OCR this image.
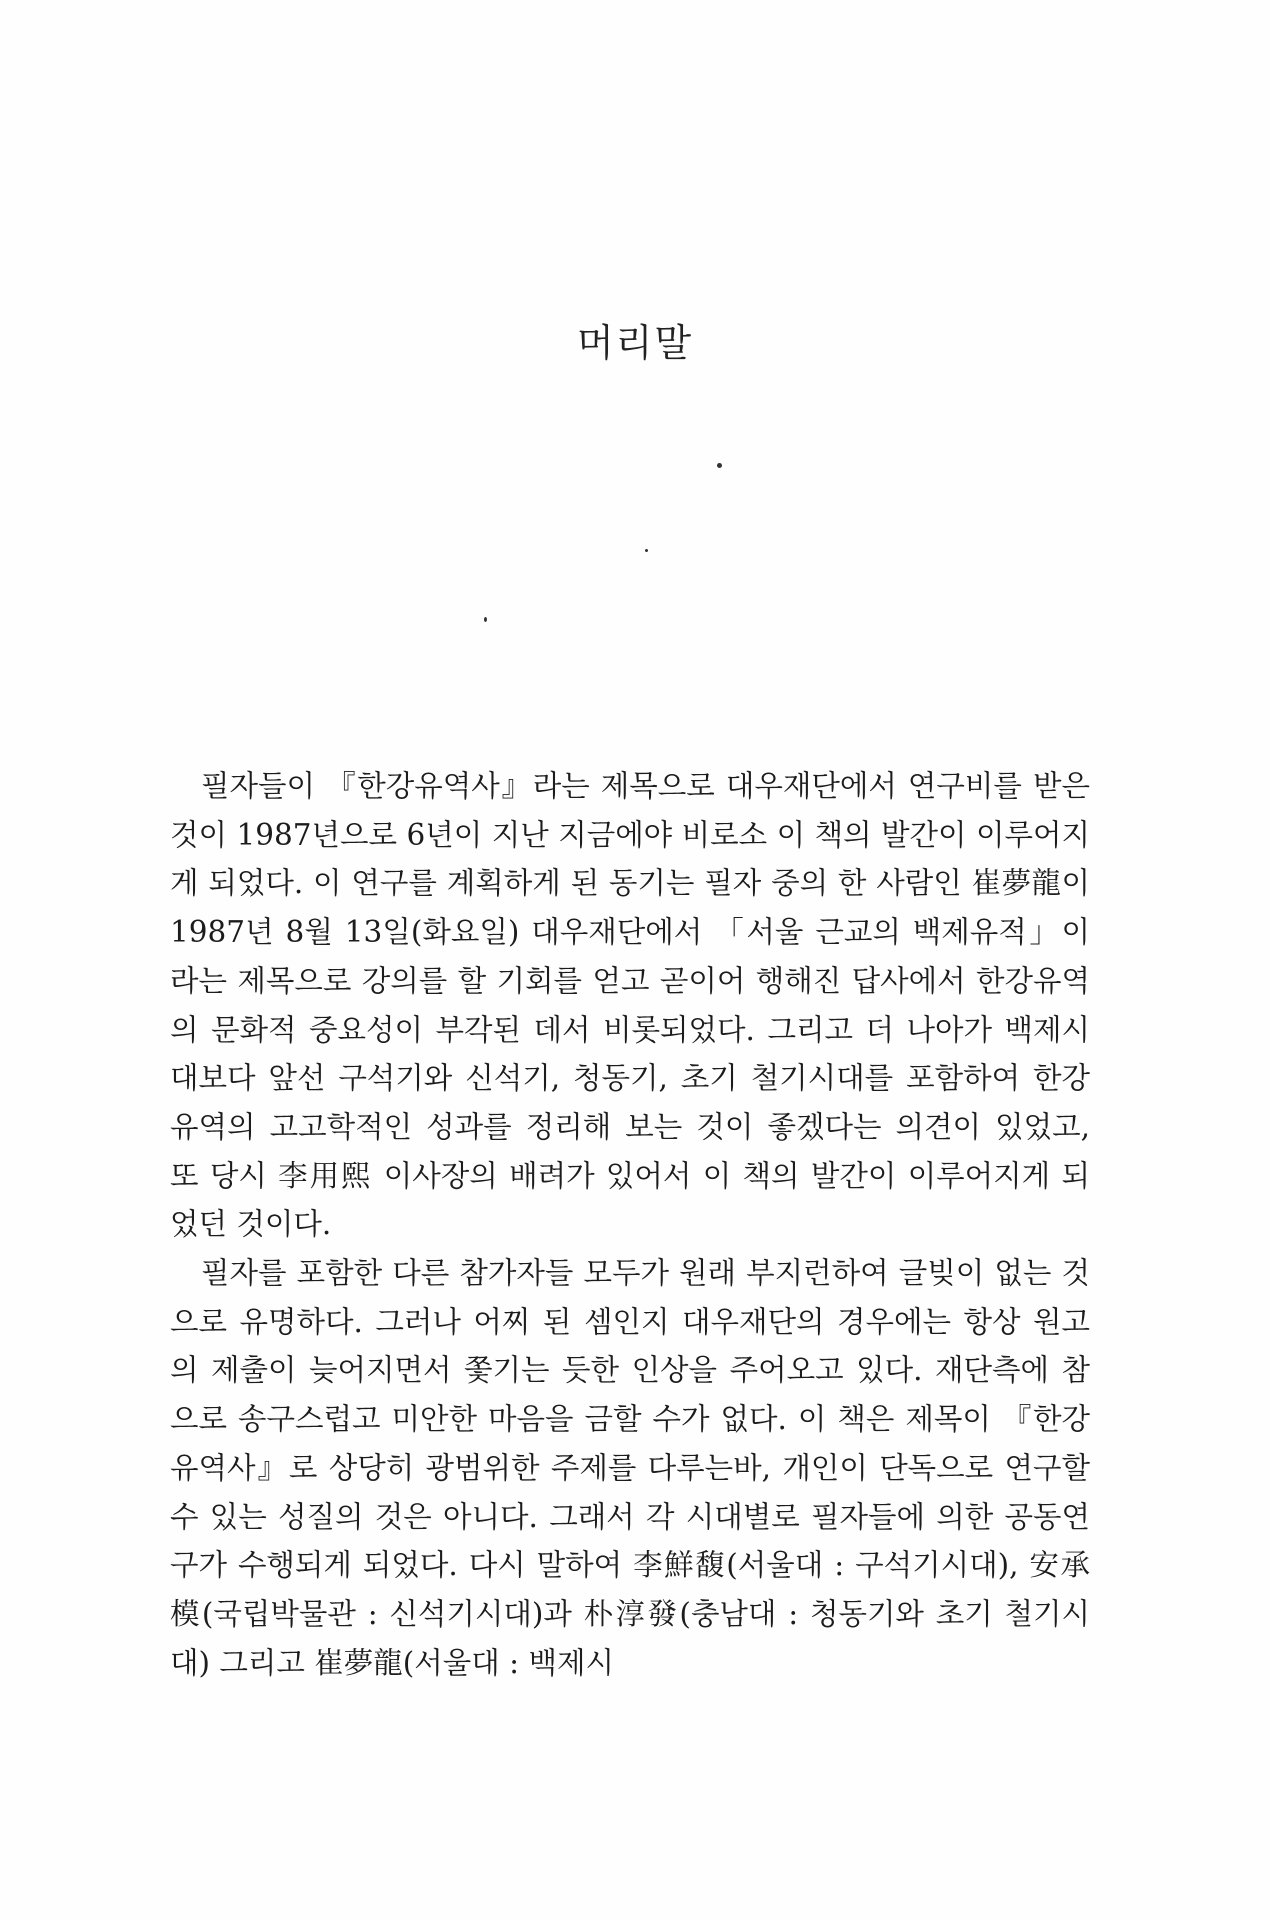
머리말

필자들이 『한강유역사』라는 제목으로 대우재단에서 연구비를 받은 것이 1987년으로 6년이 지난 지금에야 비로소 이 책의 발간이 이루어지게 되었다. 이 연구를 계획하게 된 동기는 필자 중의 한 사람인 崔夢龍이 1987년 8월 13일(화요일) 대우재단에서 「서울 근교의 백제유적」이라는 제목으로 강의를 할 기회를 얻고 곧이어 행해진 답사에서 한강유역의 문화적 중요성이 부각된 데서 비롯되었다. 그리고 더 나아가 백제시대보다 앞선 구석기와 신석기, 청동기, 초기 철기시대를 포함하여 한강유역의 고고학적인 성과를 정리해 보는 것이 좋겠다는 의견이 있었고, 또 당시 李用熙 이사장의 배려가 있어서 이 책의 발간이 이루어지게 되었던 것이다.

필자를 포함한 다른 참가자들 모두가 원래 부지런하여 글빚이 없는 것으로 유명하다. 그러나 어찌 된 셈인지 대우재단의 경우에는 항상 원고의 제출이 늦어지면서 쫓기는 듯한 인상을 주어오고 있다. 재단측에 참으로 송구스럽고 미안한 마음을 금할 수가 없다. 이 책은 제목이 『한강유역사』로 상당히 광범위한 주제를 다루는바, 개인이 단독으로 연구할 수 있는 성질의 것은 아니다. 그래서 각 시대별로 필자들에 의한 공동연구가 수행되게 되었다. 다시 말하여 李鮮馥(서울대 : 구석기시대), 安承模(국립박물관 : 신석기시대)과 朴淳發(충남대 : 청동기와 초기 철기시대) 그리고 崔夢龍(서울대 : 백제시
